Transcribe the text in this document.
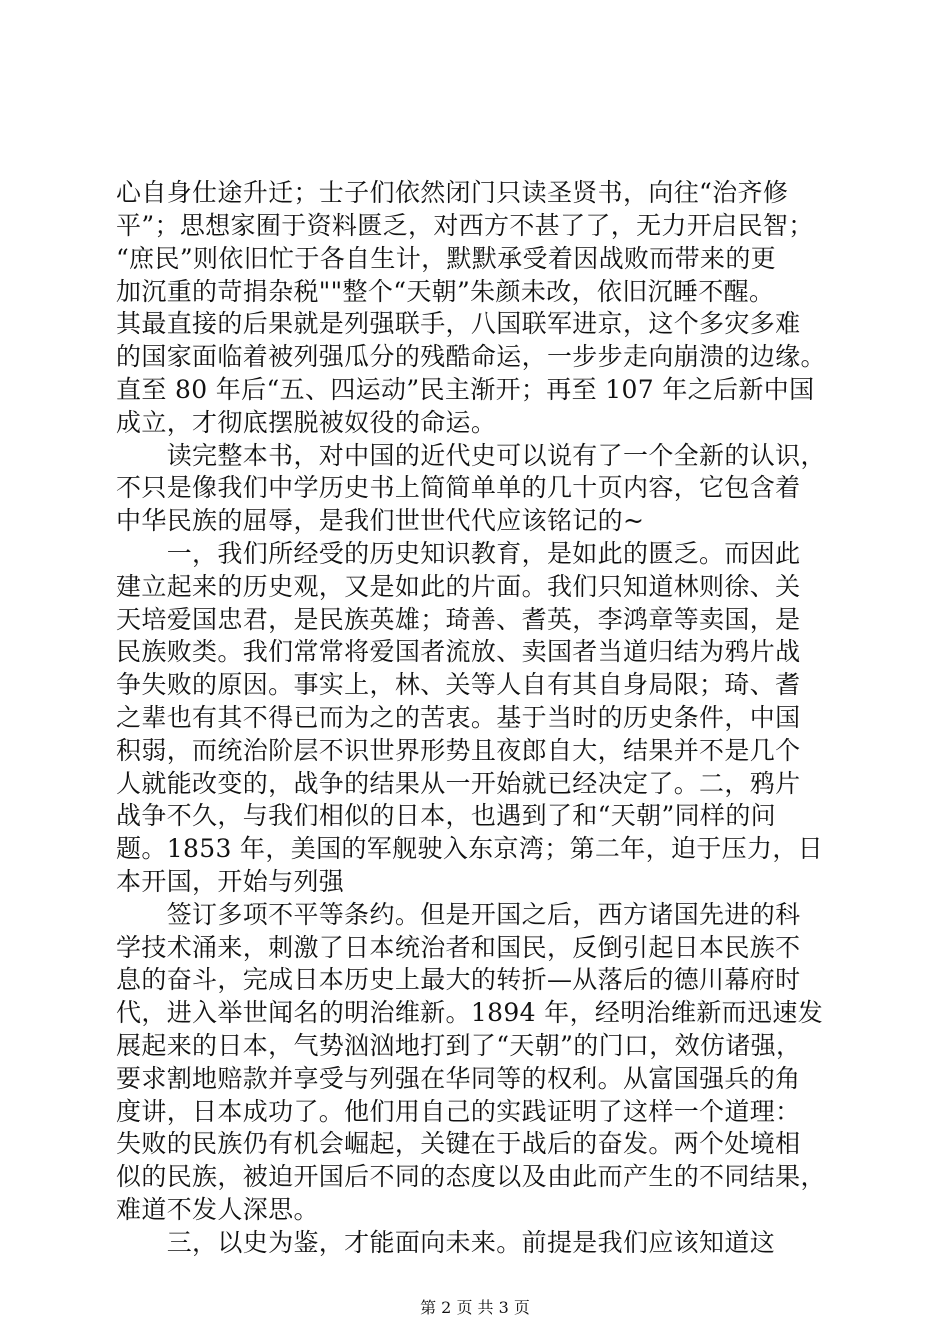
心自身仕途升迁；士子们依然闭门只读圣贤书，向往“治齐修
平”；思想家囿于资料匮乏，对西方不甚了了，无力开启民智；
“庶民”则依旧忙于各自生计，默默承受着因战败而带来的更
加沉重的苛捐杂税""整个“天朝”朱颜未改，依旧沉睡不醒。
其最直接的后果就是列强联手，八国联军进京，这个多灾多难
的国家面临着被列强瓜分的残酷命运，一步步走向崩溃的边缘。
直至 80 年后“五、四运动”民主渐开；再至 107 年之后新中国
成立，才彻底摆脱被奴役的命运。
　　读完整本书，对中国的近代史可以说有了一个全新的认识，
不只是像我们中学历史书上简简单单的几十页内容，它包含着
中华民族的屈辱，是我们世世代代应该铭记的~
　　一，我们所经受的历史知识教育，是如此的匮乏。而因此
建立起来的历史观，又是如此的片面。我们只知道林则徐、关
天培爱国忠君，是民族英雄；琦善、耆英，李鸿章等卖国，是
民族败类。我们常常将爱国者流放、卖国者当道归结为鸦片战
争失败的原因。事实上，林、关等人自有其自身局限；琦、耆
之辈也有其不得已而为之的苦衷。基于当时的历史条件，中国
积弱，而统治阶层不识世界形势且夜郎自大，结果并不是几个
人就能改变的，战争的结果从一开始就已经决定了。二，鸦片
战争不久，与我们相似的日本，也遇到了和“天朝”同样的问
题。1853 年，美国的军舰驶入东京湾；第二年，迫于压力，日
本开国，开始与列强
　　签订多项不平等条约。但是开国之后，西方诸国先进的科
学技术涌来，刺激了日本统治者和国民，反倒引起日本民族不
息的奋斗，完成日本历史上最大的转折—从落后的德川幕府时
代，进入举世闻名的明治维新。1894 年，经明治维新而迅速发
展起来的日本，气势汹汹地打到了“天朝”的门口，效仿诸强，
要求割地赔款并享受与列强在华同等的权利。从富国强兵的角
度讲，日本成功了。他们用自己的实践证明了这样一个道理：
失败的民族仍有机会崛起，关键在于战后的奋发。两个处境相
似的民族，被迫开国后不同的态度以及由此而产生的不同结果，
难道不发人深思。
　　三，以史为鉴，才能面向未来。前提是我们应该知道这
第 2 页 共 3 页
